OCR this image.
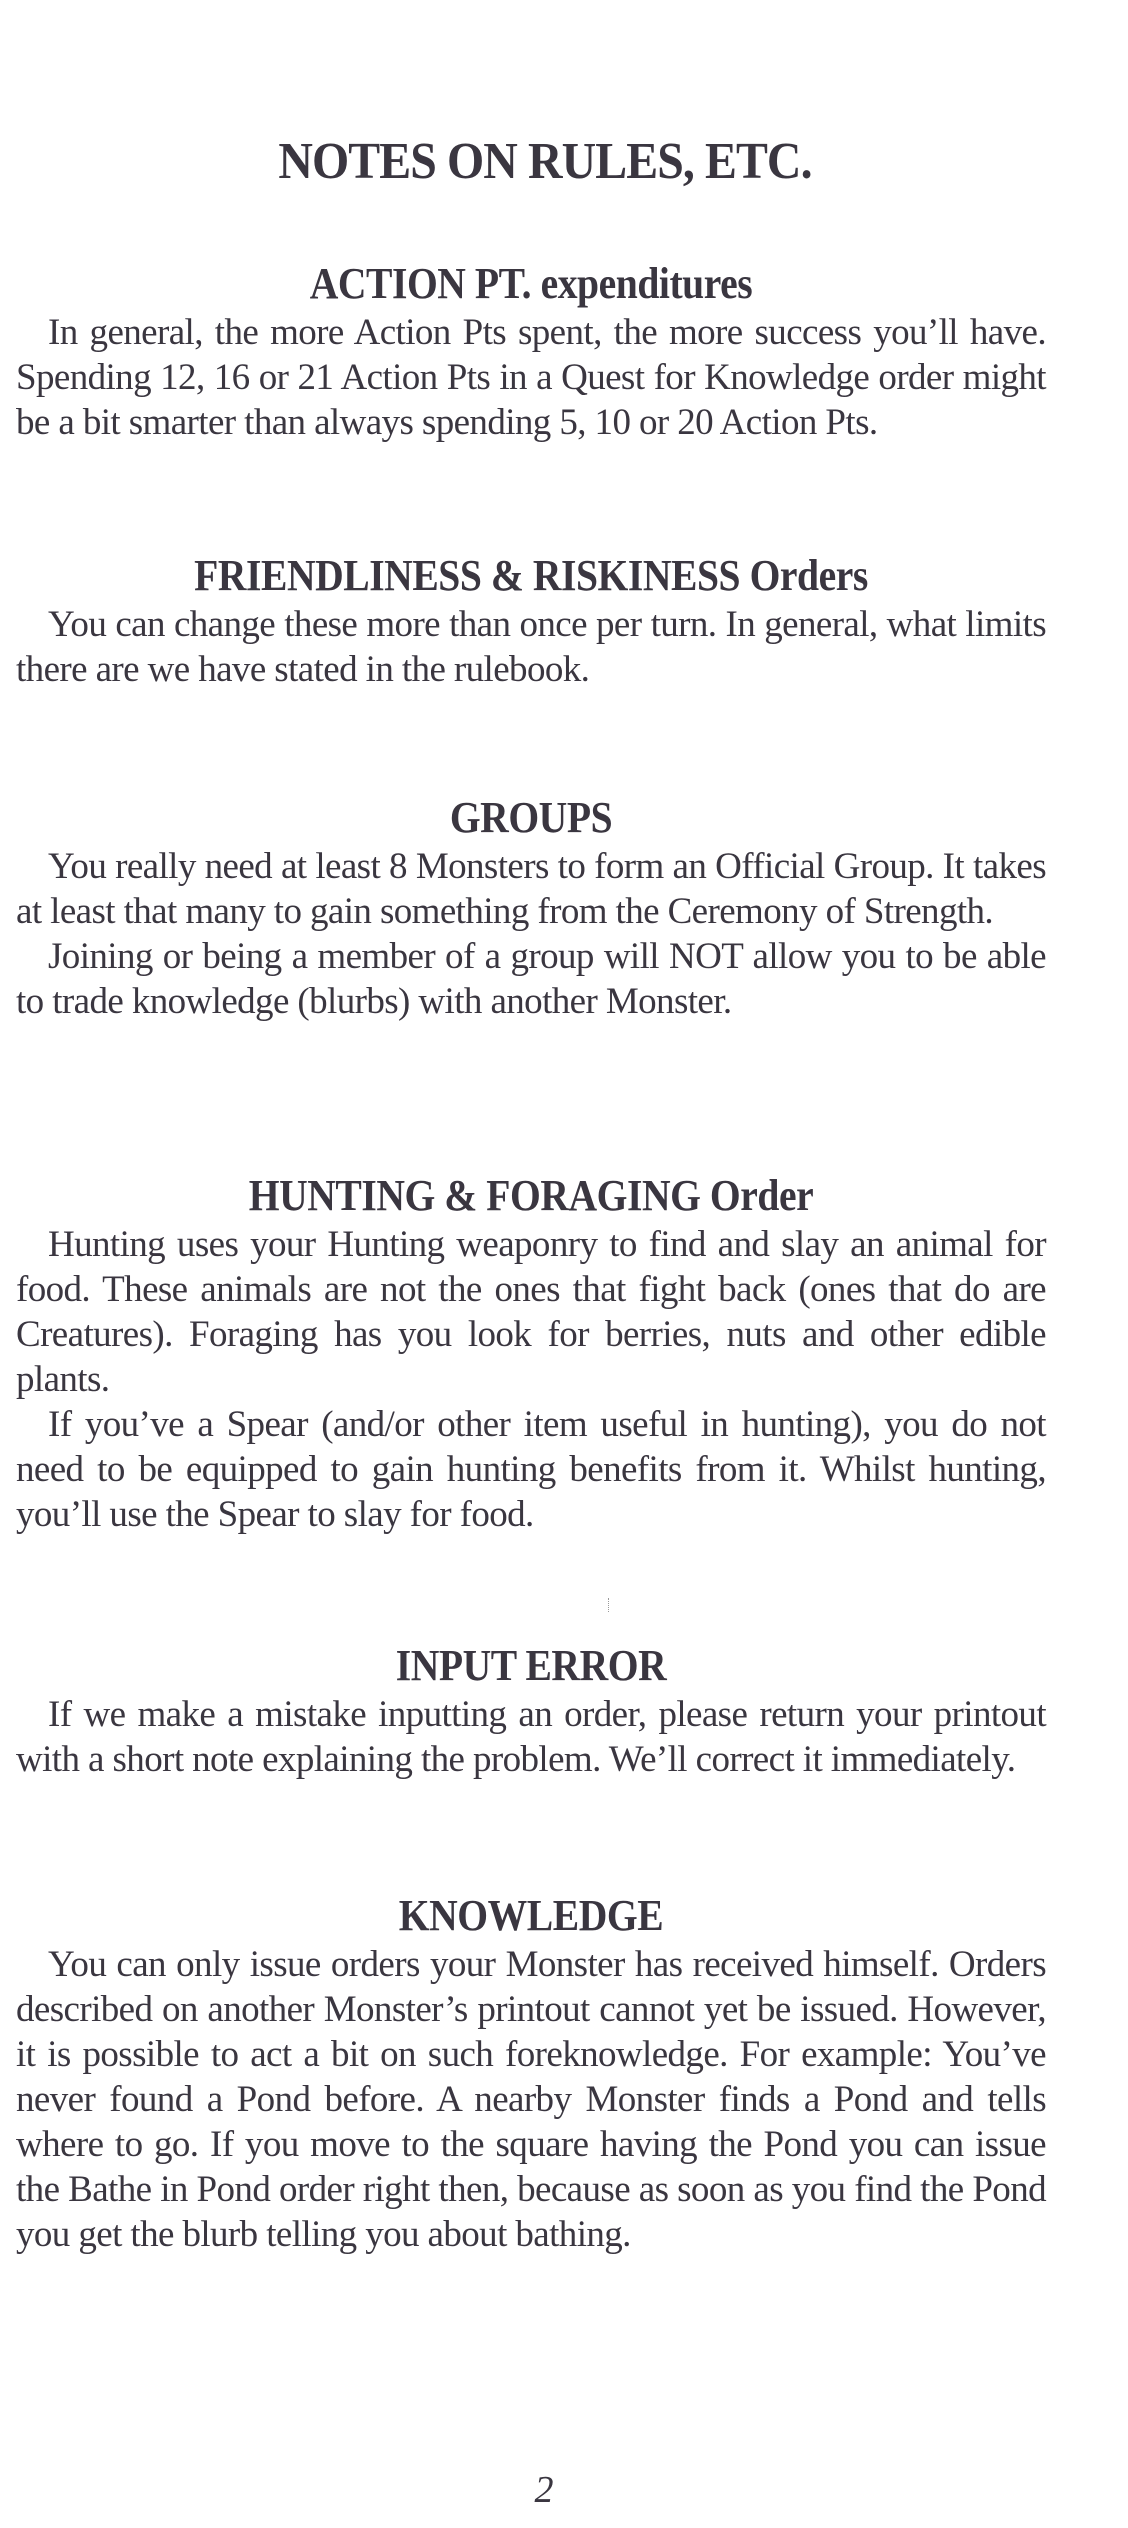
NOTES ON RULES, ETC.
ACTION PT. expenditures

In general, the more Action Pts spent, the more success you’ll have. Spending 12, 16 or 21 Action Pts in a Quest for Knowledge order might be a bit smarter than always spending 5, 10 or 20 Action Pts.

FRIENDLINESS & RISKINESS Orders

You can change these more than once per turn. In general, what limits there are we have stated in the rulebook.

GROUPS

You really need at least 8 Monsters to form an Official Group. It takes at least that many to gain something from the Ceremony of Strength.

Joining or being a member of a group will NOT allow you to be able to trade knowledge (blurbs) with another Monster.

HUNTING & FORAGING Order

Hunting uses your Hunting weaponry to find and slay an animal for food. These animals are not the ones that fight back (ones that do are Creatures). Foraging has you look for berries, nuts and other edible plants.

If you’ve a Spear (and/or other item useful in hunting), you do not need to be equipped to gain hunting benefits from it. Whilst hunting, you’ll use the Spear to slay for food.

INPUT ERROR

If we make a mistake inputting an order, please return your printout with a short note explaining the problem. We’ll correct it immediately.

KNOWLEDGE

You can only issue orders your Monster has received himself. Orders described on another Monster’s printout cannot yet be issued. However, it is possible to act a bit on such foreknowledge. For example: You’ve never found a Pond before. A nearby Monster finds a Pond and tells where to go. If you move to the square having the Pond you can issue the Bathe in Pond order right then, because as soon as you find the Pond you get the blurb telling you about bathing.

2
